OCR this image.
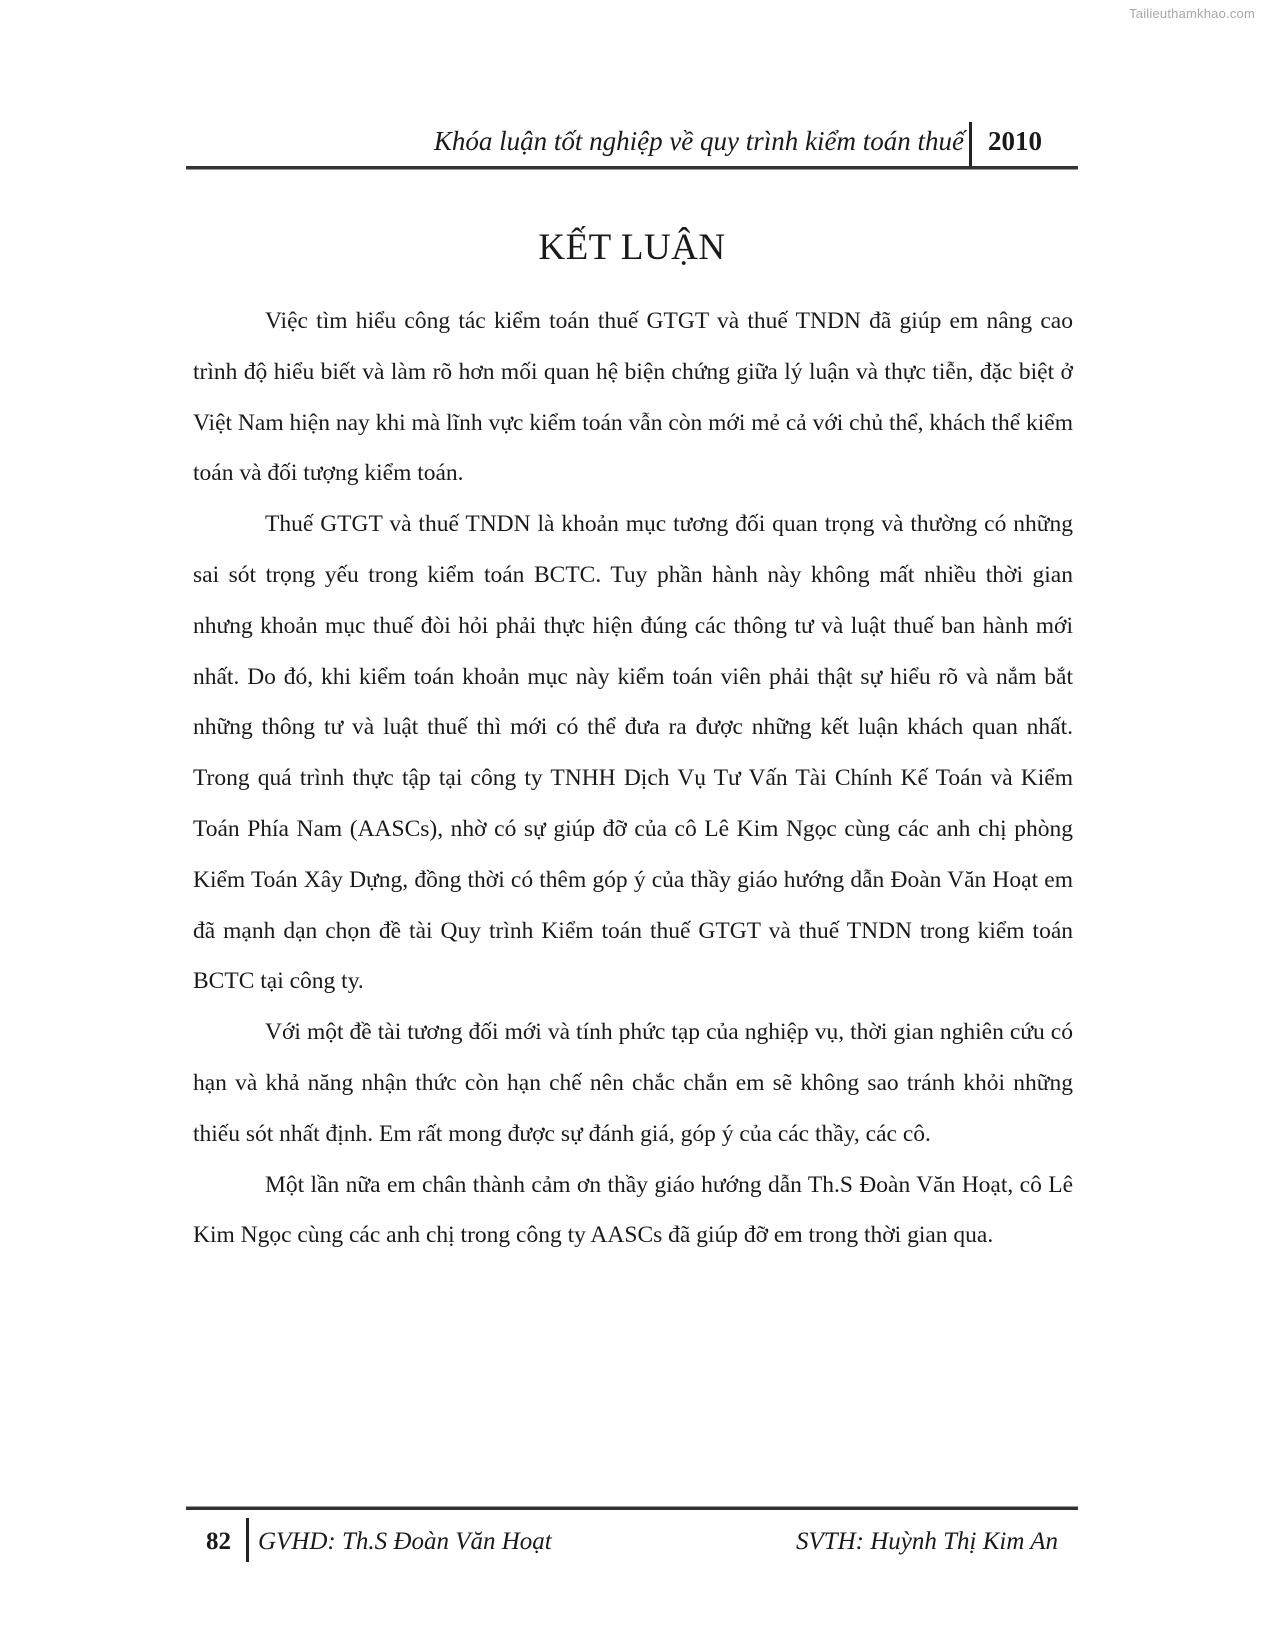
Tailieuthamkhao.com
Khóa luận tốt nghiệp về quy trình kiểm toán thuế 2010
KẾT LUẬN

Việc tìm hiểu công tác kiểm toán thuế GTGT và thuế TNDN đã giúp em nâng cao trình độ hiểu biết và làm rõ hơn mối quan hệ biện chứng giữa lý luận và thực tiễn, đặc biệt ở Việt Nam hiện nay khi mà lĩnh vực kiểm toán vẫn còn mới mẻ cả với chủ thể, khách thể kiểm toán và đối tượng kiểm toán.

Thuế GTGT và thuế TNDN là khoản mục tương đối quan trọng và thường có những sai sót trọng yếu trong kiểm toán BCTC. Tuy phần hành này không mất nhiều thời gian nhưng khoản mục thuế đòi hỏi phải thực hiện đúng các thông tư và luật thuế ban hành mới nhất. Do đó, khi kiểm toán khoản mục này kiểm toán viên phải thật sự hiểu rõ và nắm bắt những thông tư và luật thuế thì mới có thể đưa ra được những kết luận khách quan nhất. Trong quá trình thực tập tại công ty TNHH Dịch Vụ Tư Vấn Tài Chính Kế Toán và Kiểm Toán Phía Nam (AASCs), nhờ có sự giúp đỡ của cô Lê Kim Ngọc cùng các anh chị phòng Kiểm Toán Xây Dựng, đồng thời có thêm góp ý của thầy giáo hướng dẫn Đoàn Văn Hoạt em đã mạnh dạn chọn đề tài Quy trình Kiểm toán thuế GTGT và thuế TNDN trong kiểm toán BCTC tại công ty.

Với một đề tài tương đối mới và tính phức tạp của nghiệp vụ, thời gian nghiên cứu có hạn và khả năng nhận thức còn hạn chế nên chắc chắn em sẽ không sao tránh khỏi những thiếu sót nhất định. Em rất mong được sự đánh giá, góp ý của các thầy, các cô.

Một lần nữa em chân thành cảm ơn thầy giáo hướng dẫn Th.S Đoàn Văn Hoạt, cô Lê Kim Ngọc cùng các anh chị trong công ty AASCs đã giúp đỡ em trong thời gian qua.

82 GVHD: Th.S Đoàn Văn Hoạt	SVTH: Huỳnh Thị Kim An
